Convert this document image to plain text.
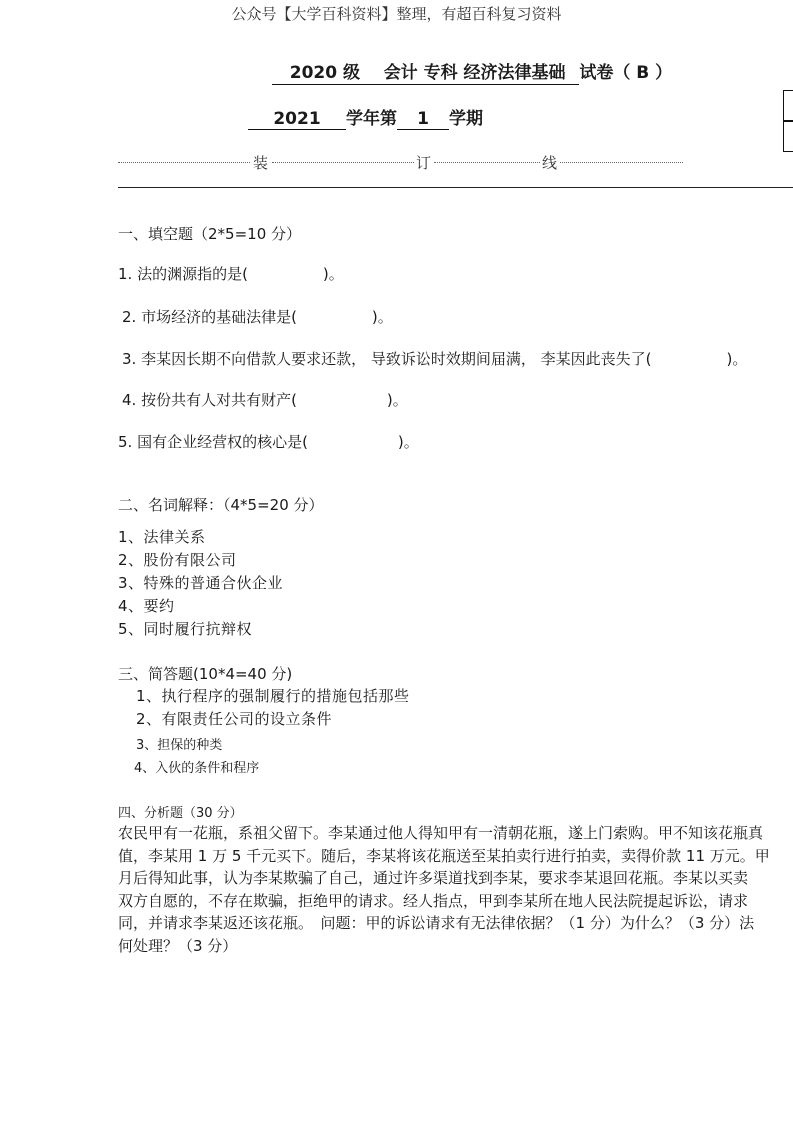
公众号【大学百科资料】整理，有超百科复习资料
2020 级 会计 专科 经济法律基础 试卷（ B ）
2021 学年第 1 学期
装	订	线
一、填空题（2*5=10 分）
1. 法的渊源指的是(　　　　　)。
2. 市场经济的基础法律是(　　　　　)。
3. 李某因长期不向借款人要求还款， 导致诉讼时效期间届满， 李某因此丧失了(　　　　　)。
4. 按份共有人对共有财产(　　　　　　)。
5. 国有企业经营权的核心是(　　　　　　)。
二、名词解释：（4*5=20 分）
1、法律关系
2、股份有限公司
3、特殊的普通合伙企业
4、要约
5、同时履行抗辩权
三、简答题(10*4=40 分)
1、执行程序的强制履行的措施包括那些
2、有限责任公司的设立条件
3、担保的种类
4、入伙的条件和程序
四、分析题（30 分）
农民甲有一花瓶，系祖父留下。李某通过他人得知甲有一清朝花瓶，遂上门索购。甲不知该花瓶真
值，李某用 1 万 5 千元买下。随后，李某将该花瓶送至某拍卖行进行拍卖，卖得价款 11 万元。甲
月后得知此事，认为李某欺骗了自己，通过许多渠道找到李某，要求李某退回花瓶。李某以买卖
双方自愿的，不存在欺骗，拒绝甲的请求。经人指点，甲到李某所在地人民法院提起诉讼，请求
同，并请求李某返还该花瓶。　问题：甲的诉讼请求有无法律依据？（1 分）为什么？（3 分）法
何处理？（3 分）
